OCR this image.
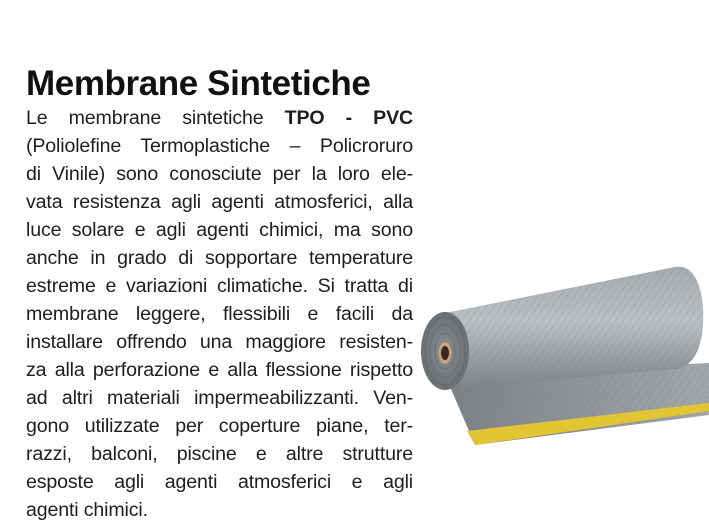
Membrane Sintetiche
Le membrane sintetiche TPO - PVC
(Poliolefine Termoplastiche – Policroruro
di Vinile) sono conosciute per la loro ele-
vata resistenza agli agenti atmosferici, alla
luce solare e agli agenti chimici, ma sono
anche in grado di sopportare temperature
estreme e variazioni climatiche. Si tratta di
membrane leggere, flessibili e facili da
installare offrendo una maggiore resisten-
za alla perforazione e alla flessione rispetto
ad altri materiali impermeabilizzanti. Ven-
gono utilizzate per coperture piane, ter-
razzi, balconi, piscine e altre strutture
esposte agli agenti atmosferici e agli
agenti chimici.
